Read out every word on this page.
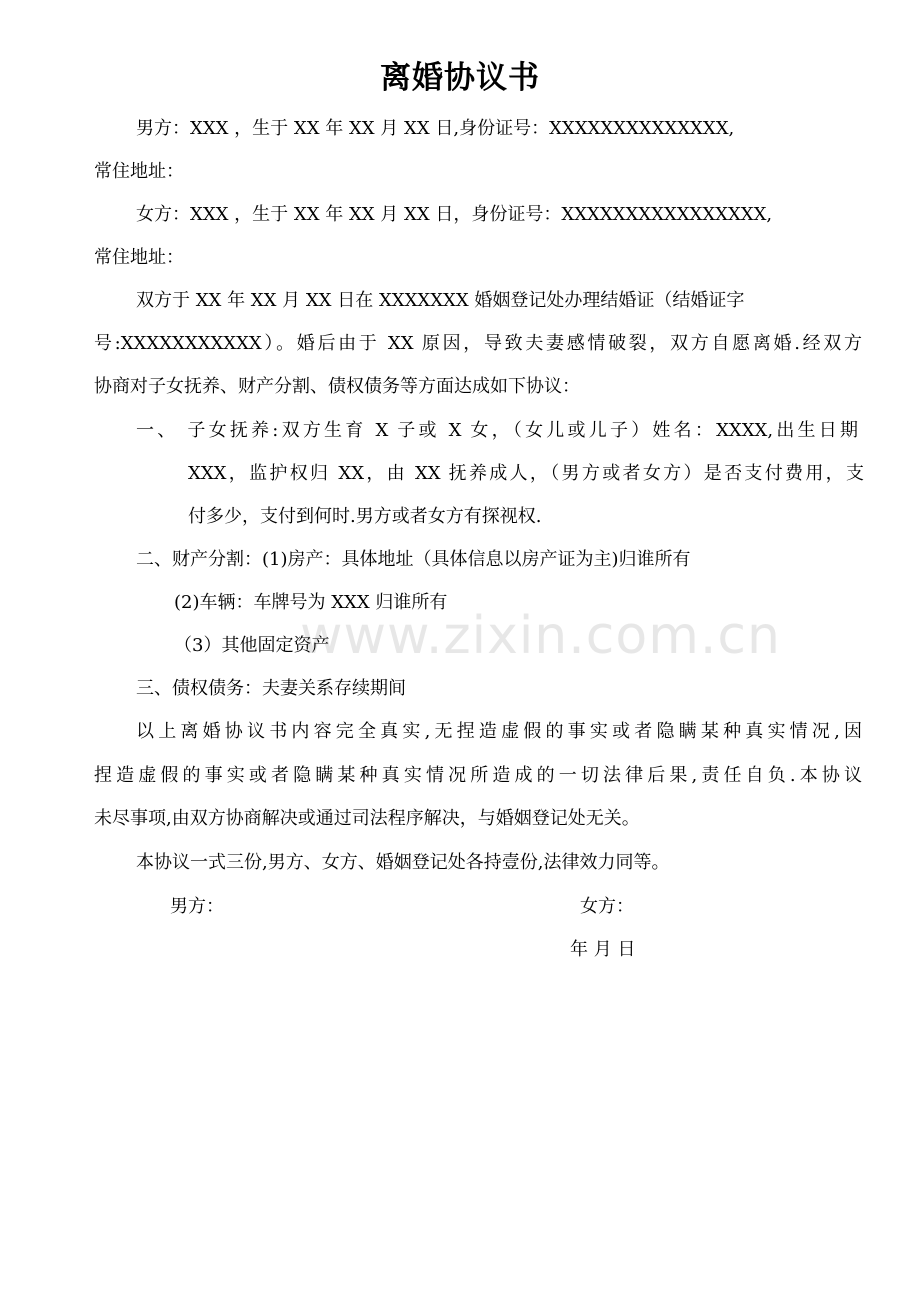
www.zixin.com.cn
离婚协议书
男方：XXX ，生于 XX 年 XX 月 XX 日,身份证号：XXXXXXXXXXXXXX,
常住地址：
女方：XXX ，生于 XX 年 XX 月 XX 日，身份证号：XXXXXXXXXXXXXXXX,
常住地址：
双方于 XX 年 XX 月 XX 日在 XXXXXXX 婚姻登记处办理结婚证（结婚证字
号:XXXXXXXXXXX）。婚后由于 XX 原因，导致夫妻感情破裂，双方自愿离婚.经双方
协商对子女抚养、财产分割、债权债务等方面达成如下协议：
一、 子女抚养:双方生育 X 子或 X 女，（女儿或儿子）姓名：XXXX,出生日期
XXX，监护权归 XX，由 XX 抚养成人，（男方或者女方）是否支付费用，支
付多少，支付到何时.男方或者女方有探视权.
二、财产分割：(1)房产：具体地址（具体信息以房产证为主)归谁所有
(2)车辆：车牌号为 XXX 归谁所有
（3）其他固定资产
三、债权债务：夫妻关系存续期间
以上离婚协议书内容完全真实,无捏造虚假的事实或者隐瞒某种真实情况,因
捏造虚假的事实或者隐瞒某种真实情况所造成的一切法律后果,责任自负.本协议
未尽事项,由双方协商解决或通过司法程序解决，与婚姻登记处无关。
本协议一式三份,男方、女方、婚姻登记处各持壹份,法律效力同等。
男方：	女方：
年 月 日
